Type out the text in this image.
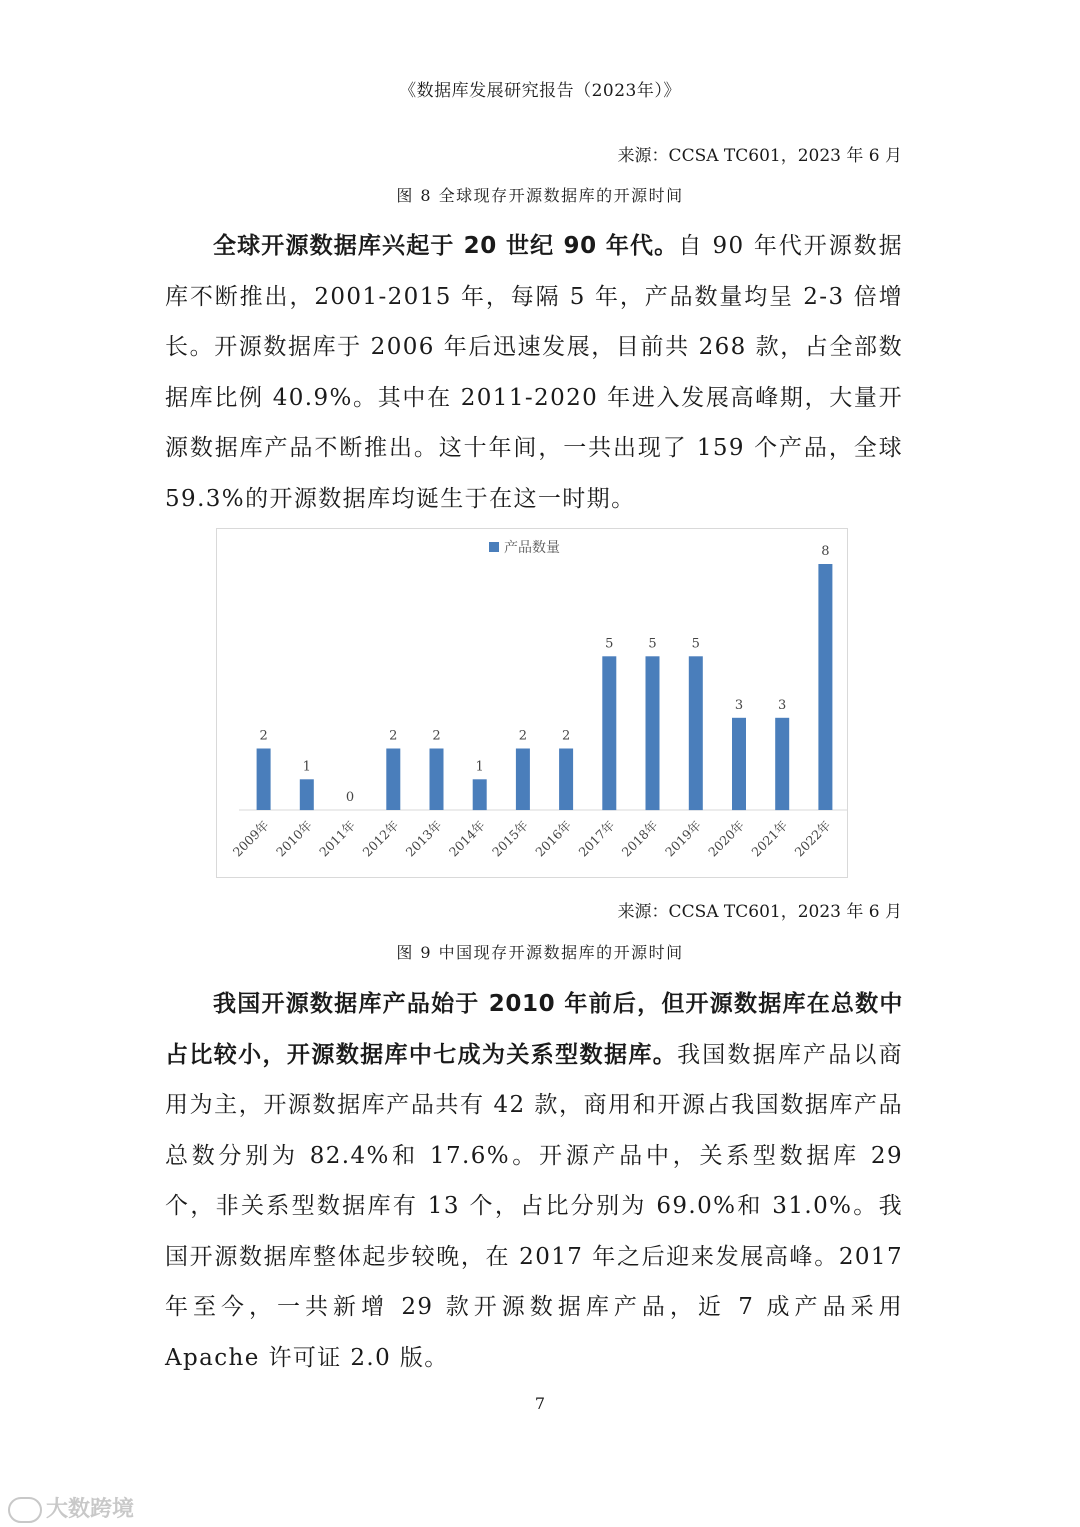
《数据库发展研究报告（2023年）》
来源：CCSA TC601，2023 年 6 月
图 8 全球现存开源数据库的开源时间

全球开源数据库兴起于 20 世纪 90 年代。自 90 年代开源数据库不断推出，2001-2015 年，每隔 5 年，产品数量均呈 2-3 倍增长。开源数据库于 2006 年后迅速发展，目前共 268 款，占全部数据库比例 40.9%。其中在 2011-2020 年进入发展高峰期，大量开源数据库产品不断推出。这十年间，一共出现了 159 个产品，全球 59.3%的开源数据库均诞生于在这一时期。

产品数量
2
1
0
2	2
1
2	2
5	5	5
3	3
8
2009年 2010年 2011年 2012年 2013年 2014年 2015年 2016年 2017年 2018年 2019年 2020年 2021年 2022年
来源：CCSA TC601，2023 年 6 月
图 9 中国现存开源数据库的开源时间

我国开源数据库产品始于 2010 年前后，但开源数据库在总数中占比较小，开源数据库中七成为关系型数据库。我国数据库产品以商用为主，开源数据库产品共有 42 款，商用和开源占我国数据库产品总数分别为 82.4%和 17.6%。开源产品中，关系型数据库 29 个，非关系型数据库有 13 个，占比分别为 69.0%和 31.0%。我国开源数据库整体起步较晚，在 2017 年之后迎来发展高峰。2017 年至今，一共新增 29 款开源数据库产品，近 7 成产品采用 Apache 许可证 2.0 版。

7
大数跨境
